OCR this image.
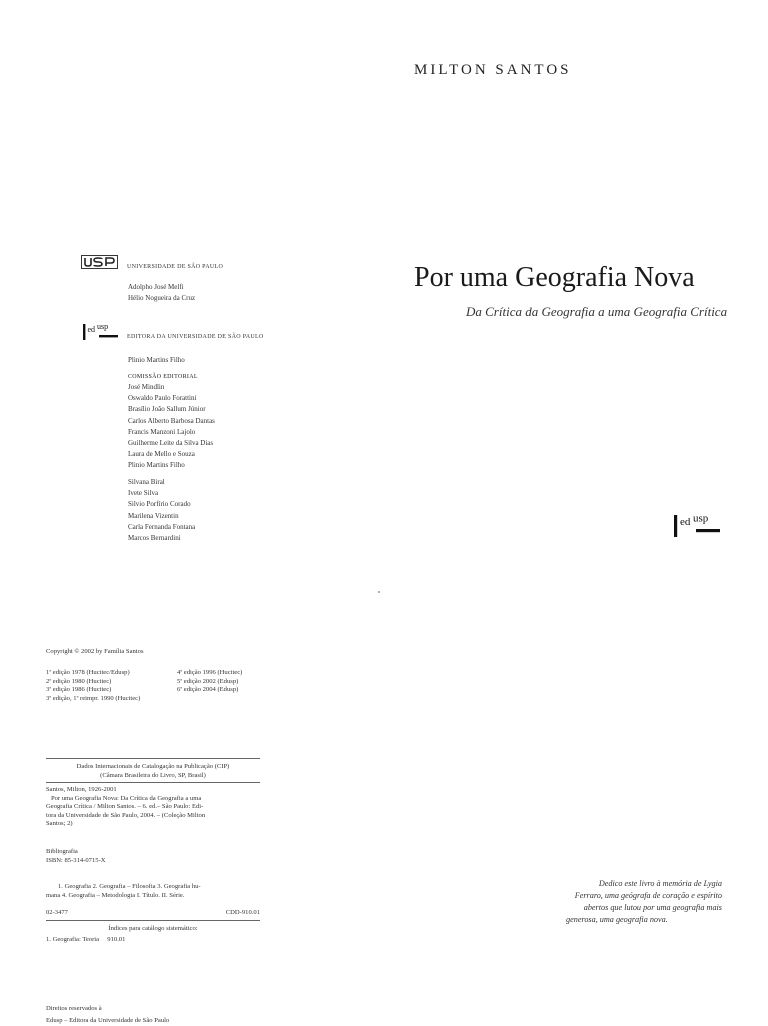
MILTON SANTOS
Por uma Geografia Nova
Da Crítica da Geografia a uma Geografia Crítica
ed usp
Dedico este livro à memória de Lygia
Ferraro, uma geógrafa de coração e espírito
abertos que lutou por uma geografia mais
generosa, uma geografia nova.
UNIVERSIDADE DE SÃO PAULO
Adolpho José Melfi
Hélio Nogueira da Cruz
ed usp
EDITORA DA UNIVERSIDADE DE SÃO PAULO
Plinio Martins Filho
COMISSÃO EDITORIAL
José Mindlin
Oswaldo Paulo Forattini
Brasílio João Sallum Júnior
Carlos Alberto Barbosa Dantas
Francis Manzoni Lajolo
Guilherme Leite da Silva Dias
Laura de Mello e Souza
Plinio Martins Filho
Silvana Biral
Ivete Silva
Silvio Porfírio Corado
Marilena Vizentin
Carla Fernanda Fontana
Marcos Bernardini
Copyright © 2002 by Família Santos
1ª edição 1978 (Hucitec/Edusp)
2ª edição 1980 (Hucitec)
3ª edição 1986 (Hucitec)
3ª edição, 1ª reimpr. 1990 (Hucitec)
4ª edição 1996 (Hucitec)
5ª edição 2002 (Edusp)
6ª edição 2004 (Edusp)
Dados Internacionais de Catalogação na Publicação (CIP)
(Câmara Brasileira do Livro, SP, Brasil)
Santos, Milton, 1926-2001
Por uma Geografia Nova: Da Crítica da Geografia a uma
Geografia Crítica / Milton Santos. – 6. ed.– São Paulo: Edi-
tora da Universidade de São Paulo, 2004. – (Coleção Milton
Santos; 2)
Bibliografia
ISBN: 85-314-0715-X
1. Geografia 2. Geografia – Filosofia 3. Geografia hu-
mana 4. Geografia – Metodologia I. Título. II. Série.
02-3477	CDD-910.01
Índices para catálogo sistemático:
1. Geografia: Teoria     910.01
Direitos reservados à
Edusp – Editora da Universidade de São Paulo
